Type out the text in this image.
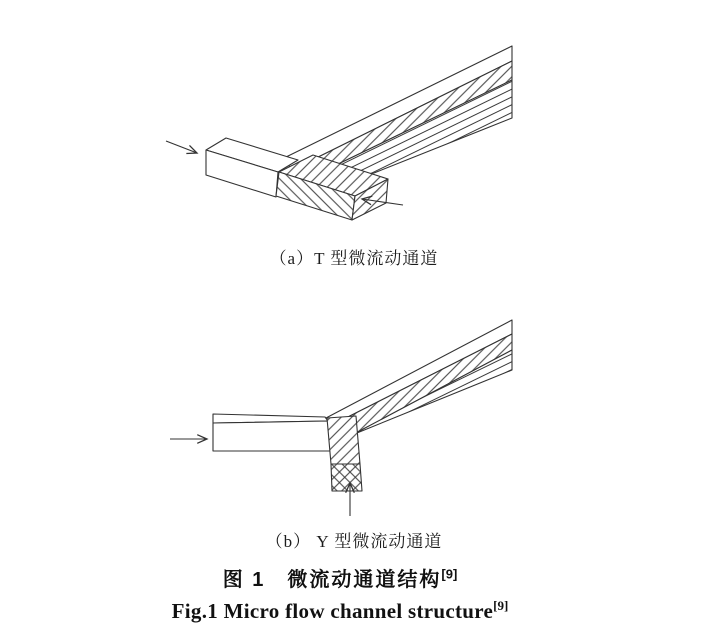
（a）T 型微流动通道
（b） Y 型微流动通道
图 1　微流动通道结构[9]
Fig.1 Micro flow channel structure[9]
